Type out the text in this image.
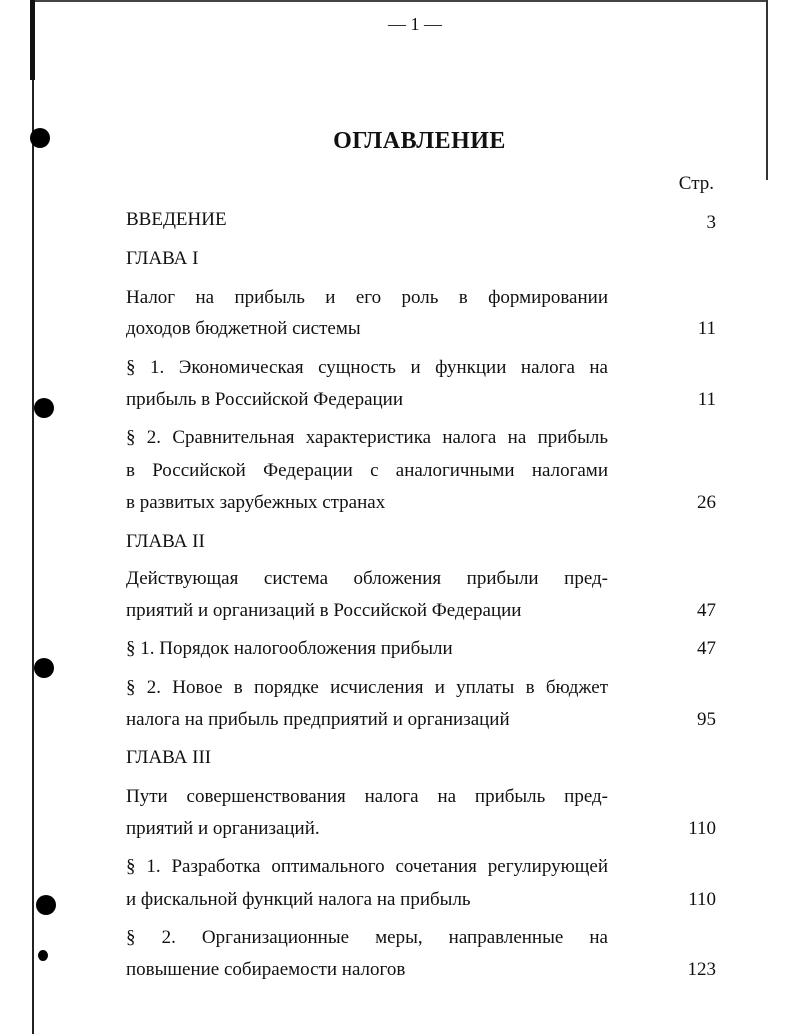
— 1 —
ОГЛАВЛЕНИЕ
Стр.
ВВЕДЕНИЕ	3
ГЛАВА I
Налог на прибыль и его роль в формировании
доходов бюджетной системы	11
§ 1. Экономическая сущность и функции налога на
прибыль в Российской Федерации	11
§ 2. Сравнительная характеристика налога на прибыль
в Российской Федерации с аналогичными налогами
в развитых зарубежных странах	26
ГЛАВА II
Действующая система обложения прибыли пред-
приятий и организаций в Российской Федерации	47
§ 1. Порядок налогообложения прибыли	47
§ 2. Новое в порядке исчисления и уплаты в бюджет
налога на прибыль предприятий и организаций	95
ГЛАВА III
Пути совершенствования налога на прибыль пред-
приятий и организаций.	110
§ 1. Разработка оптимального сочетания регулирующей
и фискальной функций налога на прибыль	110
§ 2. Организационные меры, направленные на
повышение собираемости налогов	123
